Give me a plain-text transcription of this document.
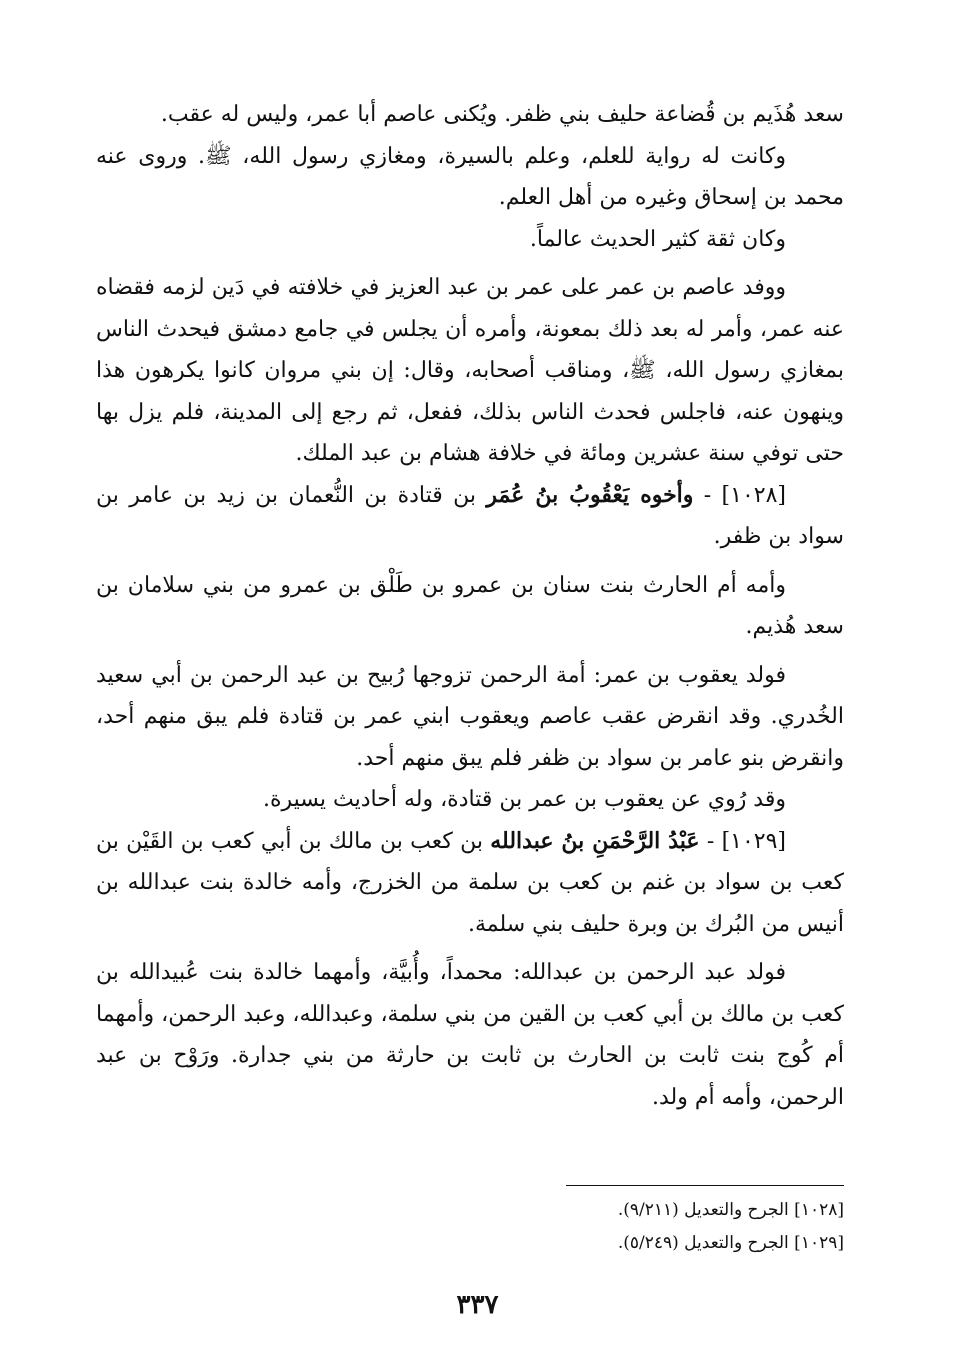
سعد هُذَيم بن قُضاعة حليف بني ظفر. ويُكنى عاصم أبا عمر، وليس له عقب.

وكانت له رواية للعلم، وعلم بالسيرة، ومغازي رسول الله، ﷺ. وروى عنه محمد بن إسحاق وغيره من أهل العلم.

وكان ثقة كثير الحديث عالماً.

ووفد عاصم بن عمر على عمر بن عبد العزيز في خلافته في دَين لزمه فقضاه عنه عمر، وأمر له بعد ذلك بمعونة، وأمره أن يجلس في جامع دمشق فيحدث الناس بمغازي رسول الله، ﷺ، ومناقب أصحابه، وقال: إن بني مروان كانوا يكرهون هذا وينهون عنه، فاجلس فحدث الناس بذلك، ففعل، ثم رجع إلى المدينة، فلم يزل بها حتى توفي سنة عشرين ومائة في خلافة هشام بن عبد الملك.

[١٠٢٨] - وأخوه يَعْقُوبُ بنُ عُمَر بن قتادة بن النُّعمان بن زيد بن عامر بن سواد بن ظفر.

وأمه أم الحارث بنت سنان بن عمرو بن طَلْق بن عمرو من بني سلامان بن سعد هُذيم.

فولد يعقوب بن عمر: أمة الرحمن تزوجها رُبيح بن عبد الرحمن بن أبي سعيد الخُدري. وقد انقرض عقب عاصم ويعقوب ابني عمر بن قتادة فلم يبق منهم أحد، وانقرض بنو عامر بن سواد بن ظفر فلم يبق منهم أحد.

وقد رُوي عن يعقوب بن عمر بن قتادة، وله أحاديث يسيرة.

[١٠٢٩] - عَبْدُ الرَّحْمَنِ بنُ عبدالله بن كعب بن مالك بن أبي كعب بن القَيْن بن كعب بن سواد بن غنم بن كعب بن سلمة من الخزرج، وأمه خالدة بنت عبدالله بن أنيس من البُرك بن وبرة حليف بني سلمة.

فولد عبد الرحمن بن عبدالله: محمداً، وأُبيَّة، وأمهما خالدة بنت عُبيدالله بن كعب بن مالك بن أبي كعب بن القين من بني سلمة، وعبدالله، وعبد الرحمن، وأمهما أم كُوج بنت ثابت بن الحارث بن ثابت بن حارثة من بني جدارة. ورَوْح بن عبد الرحمن، وأمه أم ولد.

[١٠٢٨] الجرح والتعديل (٩/٢١١).

[١٠٢٩] الجرح والتعديل (٥/٢٤٩).

٣٣٧
